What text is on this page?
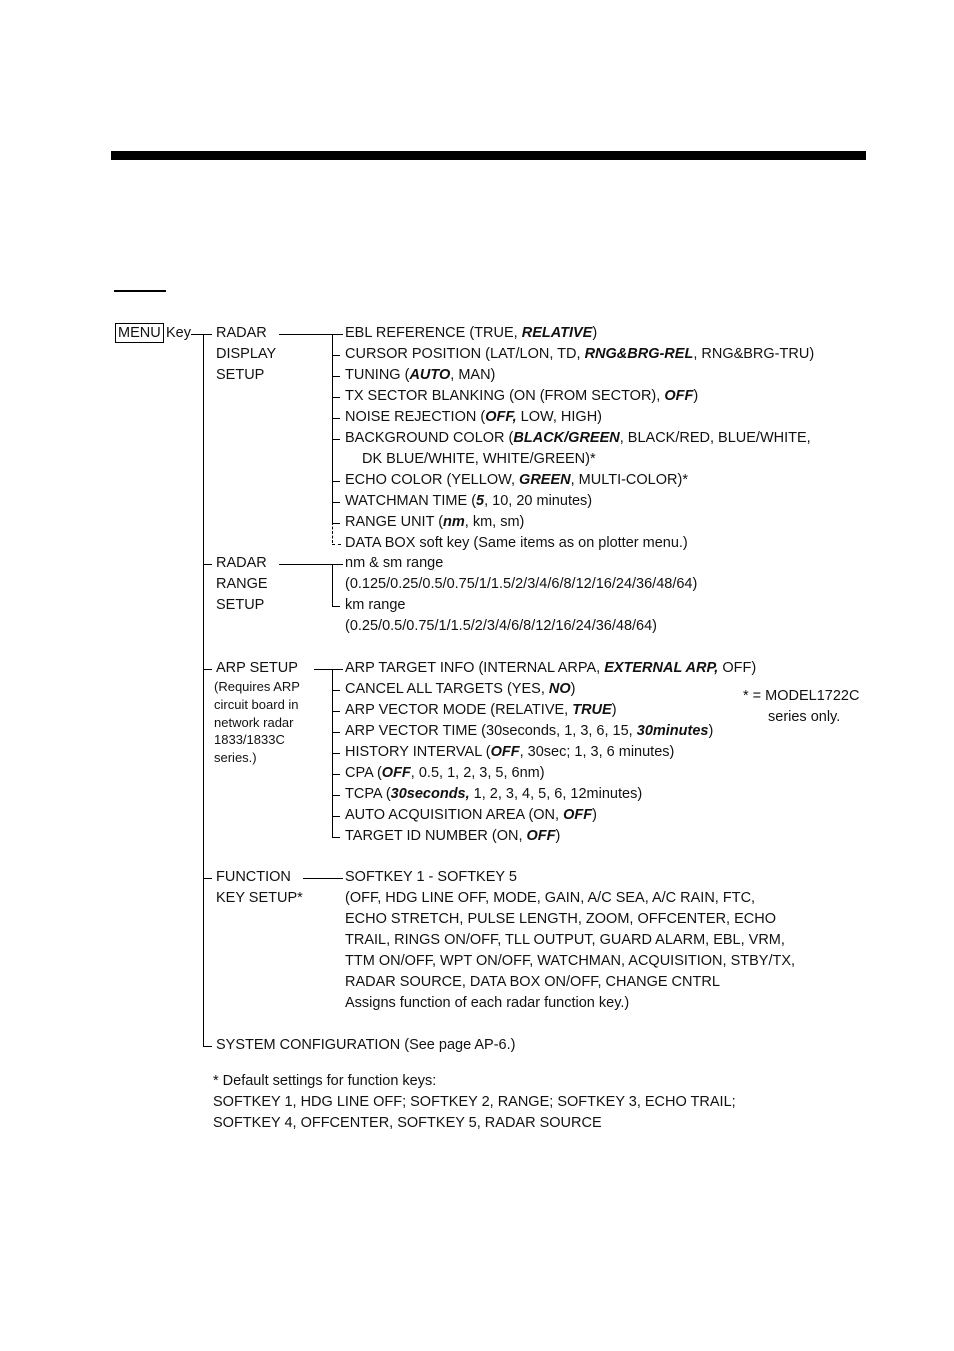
MENU Key
ARP SETUP
SYSTEM CONFIGURATION (See page AP-6.)
RADAR
DISPLAY
SETUP
EBL REFERENCE (TRUE, RELATIVE)
CURSOR POSITION (LAT/LON, TD, RNG&BRG-REL, RNG&BRG-TRU)
TUNING (AUTO, MAN)
TX SECTOR BLANKING (ON (FROM SECTOR), OFF)
NOISE REJECTION (OFF, LOW, HIGH)
BACKGROUND COLOR (BLACK/GREEN, BLACK/RED, BLUE/WHITE,
DK BLUE/WHITE, WHITE/GREEN)*
ECHO COLOR (YELLOW, GREEN, MULTI-COLOR)*
WATCHMAN TIME (5, 10, 20 minutes)
RANGE UNIT (nm, km, sm)
DATA BOX soft key (Same items as on plotter menu.)
RADAR
RANGE
SETUP
nm & sm range
(0.125/0.25/0.5/0.75/1/1.5/2/3/4/6/8/12/16/24/36/48/64)
km range
(0.25/0.5/0.75/1/1.5/2/3/4/6/8/12/16/24/36/48/64)
(Requires ARP
circuit board in
network radar
1833/1833C
series.)
ARP TARGET INFO (INTERNAL ARPA, EXTERNAL ARP, OFF)
CANCEL ALL TARGETS (YES, NO)
ARP VECTOR MODE (RELATIVE, TRUE)
ARP VECTOR TIME (30seconds, 1, 3, 6, 15, 30minutes)
HISTORY INTERVAL (OFF, 30sec; 1, 3, 6 minutes)
CPA (OFF, 0.5, 1, 2, 3, 5, 6nm)
TCPA (30seconds, 1, 2, 3, 4, 5, 6, 12minutes)
AUTO ACQUISITION AREA (ON, OFF)
TARGET ID NUMBER (ON, OFF)
* = MODEL1722C
series only.
FUNCTION
KEY SETUP*
SOFTKEY 1 - SOFTKEY 5
(OFF, HDG LINE OFF, MODE, GAIN, A/C SEA, A/C RAIN, FTC,
ECHO STRETCH, PULSE LENGTH, ZOOM, OFFCENTER, ECHO
TRAIL, RINGS ON/OFF, TLL OUTPUT, GUARD ALARM, EBL, VRM,
TTM ON/OFF, WPT ON/OFF, WATCHMAN, ACQUISITION, STBY/TX,
RADAR SOURCE, DATA BOX ON/OFF, CHANGE CNTRL
Assigns function of each radar function key.)
* Default settings for function keys:
SOFTKEY 1, HDG LINE OFF; SOFTKEY 2, RANGE; SOFTKEY 3, ECHO TRAIL;
SOFTKEY 4, OFFCENTER, SOFTKEY 5, RADAR SOURCE
